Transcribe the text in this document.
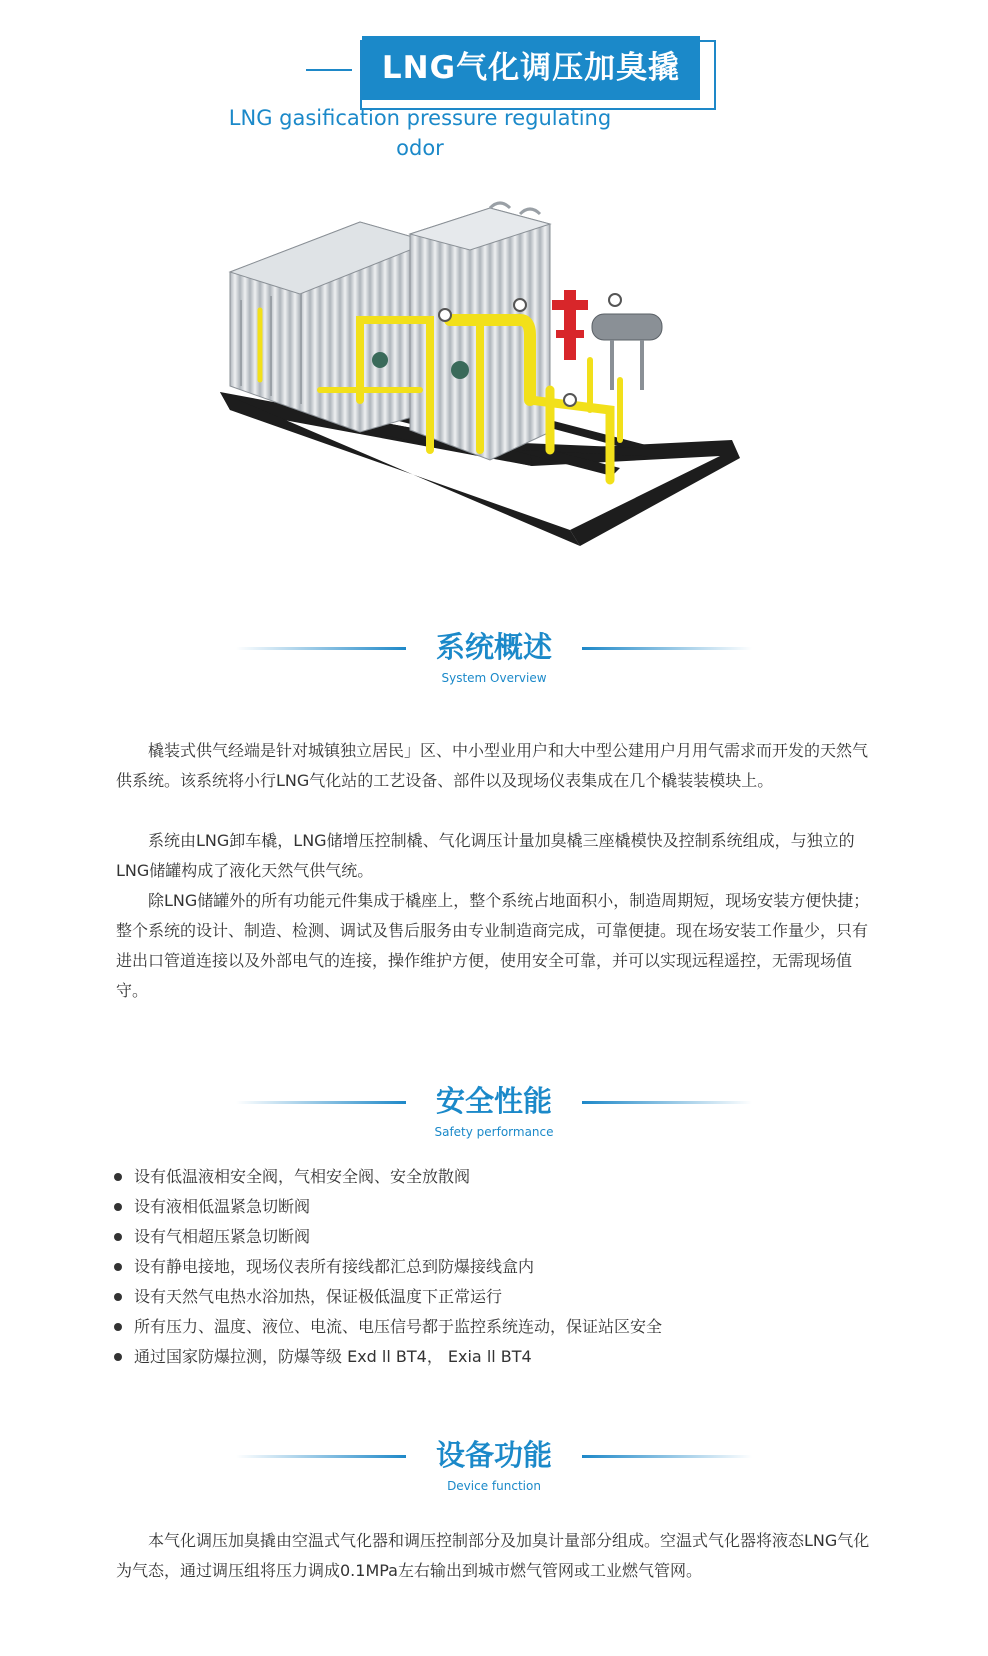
LNG气化调压加臭撬
LNG gasification pressure regulating odor
系统概述
System Overview

橇装式供气经端是针对城镇独立居民」区、中小型业用户和大中型公建用户月用气需求而开发的天然气供系统。该系统将小行LNG气化站的工艺设备、部件以及现场仪表集成在几个橇装装模块上。

系统由LNG卸车橇，LNG储增压控制橇、气化调压计量加臭橇三座橇模快及控制系统组成，与独立的LNG储罐构成了液化天然气供气统。

除LNG储罐外的所有功能元件集成于橇座上，整个系统占地面积小，制造周期短，现场安装方便快捷；整个系统的设计、制造、检测、调试及售后服务由专业制造商完成，可靠便捷。现在场安装工作量少，只有进出口管道连接以及外部电气的连接，操作维护方便，使用安全可靠，并可以实现远程遥控，无需现场值守。

安全性能
Safety performance
设有低温液相安全阀，气相安全阀、安全放散阀
设有液相低温紧急切断阀
设有气相超压紧急切断阀
设有静电接地，现场仪表所有接线都汇总到防爆接线盒内
设有天然气电热水浴加热，保证极低温度下正常运行
所有压力、温度、液位、电流、电压信号都于监控系统连动，保证站区安全
通过国家防爆拉测，防爆等级 Exd ll BT4， Exia ll BT4
设备功能
Device function

本气化调压加臭撬由空温式气化器和调压控制部分及加臭计量部分组成。空温式气化器将液态LNG气化为气态，通过调压组将压力调成0.1MPa左右输出到城市燃气管网或工业燃气管网。
